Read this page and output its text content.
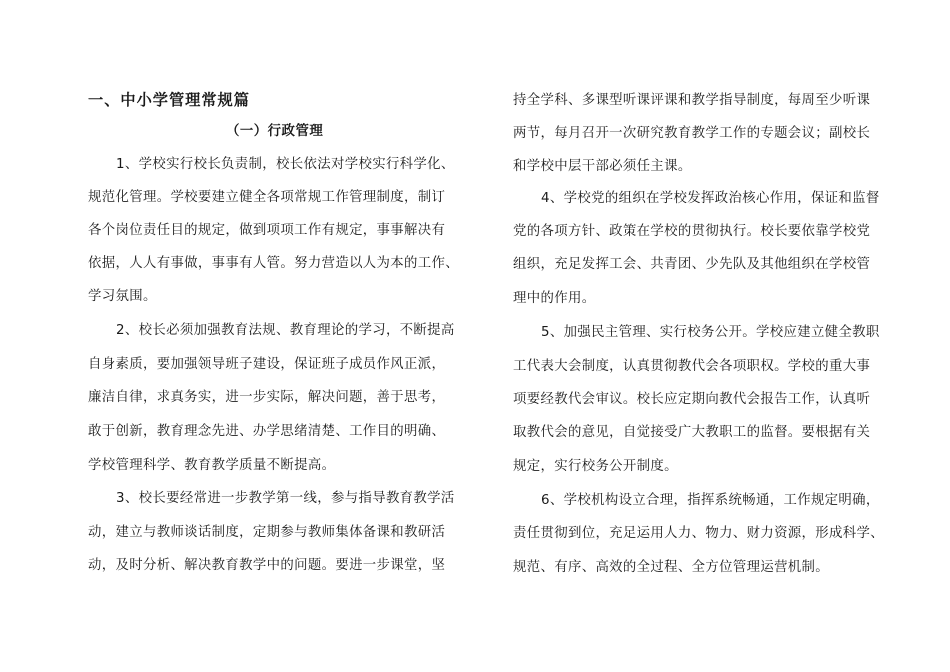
一、中小学管理常规篇
（一）行政管理
1、学校实行校长负责制，校长依法对学校实行科学化、
规范化管理。学校要建立健全各项常规工作管理制度，制订
各个岗位责任目的规定，做到项项工作有规定，事事解决有
依据，人人有事做，事事有人管。努力营造以人为本的工作、
学习氛围。
2、校长必须加强教育法规、教育理论的学习，不断提高
自身素质，要加强领导班子建设，保证班子成员作风正派，
廉洁自律，求真务实，进一步实际，解决问题，善于思考，
敢于创新，教育理念先进、办学思绪清楚、工作目的明确、
学校管理科学、教育教学质量不断提高。
3、校长要经常进一步教学第一线，参与指导教育教学活
动，建立与教师谈话制度，定期参与教师集体备课和教研活
动，及时分析、解决教育教学中的问题。要进一步课堂，坚
持全学科、多课型听课评课和教学指导制度，每周至少听课
两节，每月召开一次研究教育教学工作的专题会议；副校长
和学校中层干部必须任主课。
4、学校党的组织在学校发挥政治核心作用，保证和监督
党的各项方针、政策在学校的贯彻执行。校长要依靠学校党
组织，充足发挥工会、共青团、少先队及其他组织在学校管
理中的作用。
5、加强民主管理、实行校务公开。学校应建立健全教职
工代表大会制度，认真贯彻教代会各项职权。学校的重大事
项要经教代会审议。校长应定期向教代会报告工作，认真听
取教代会的意见，自觉接受广大教职工的监督。要根据有关
规定，实行校务公开制度。
6、学校机构设立合理，指挥系统畅通，工作规定明确，
责任贯彻到位，充足运用人力、物力、财力资源，形成科学、
规范、有序、高效的全过程、全方位管理运营机制。
